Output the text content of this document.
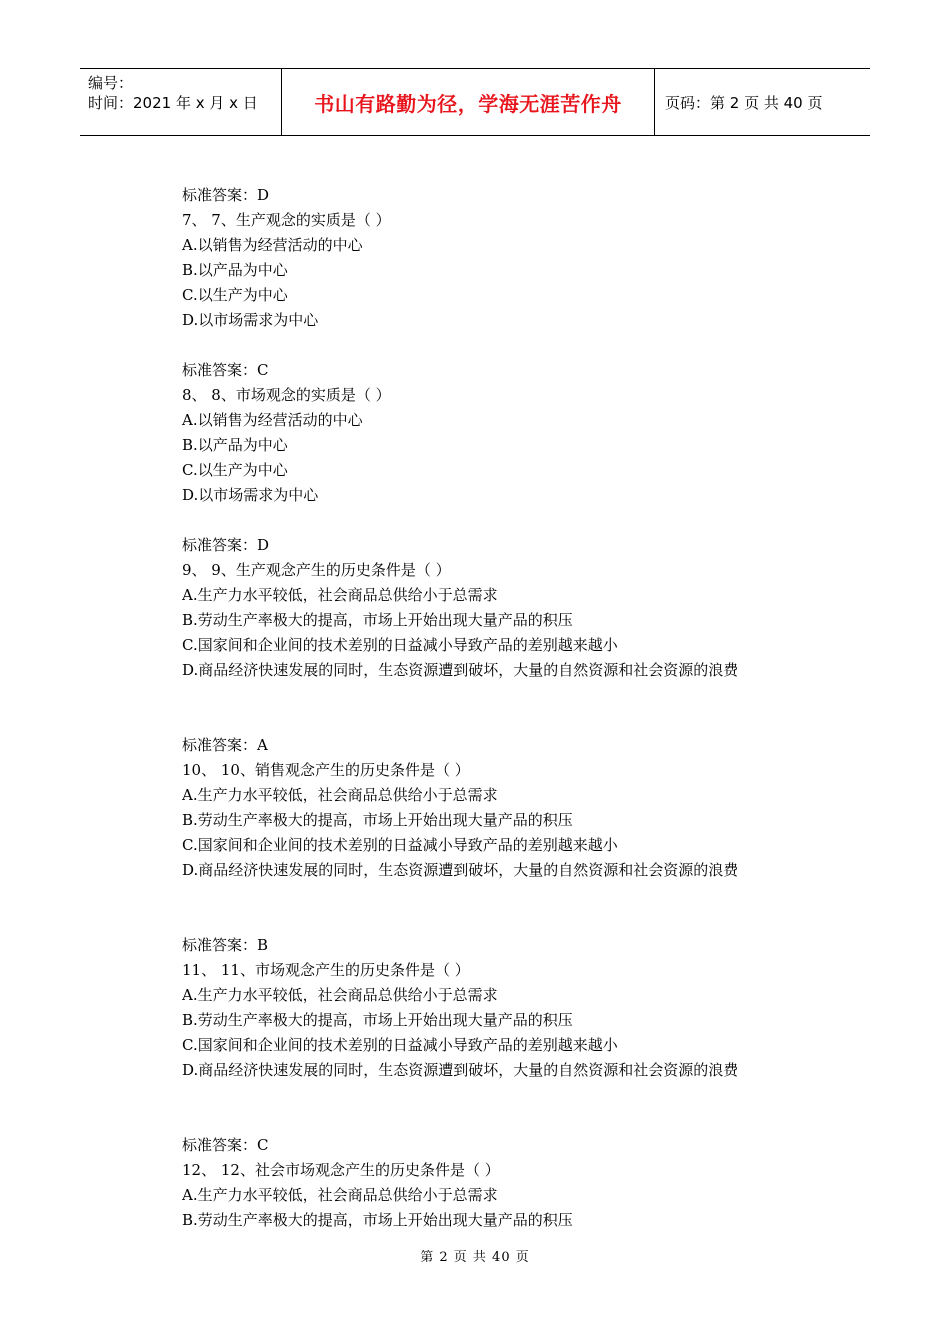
编号：
时间：2021 年 x 月 x 日	书山有路勤为径，学海无涯苦作舟	页码：第 2 页 共 40 页

标准答案：D

7、 7、生产观念的实质是（ ）

A.以销售为经营活动的中心

B.以产品为中心

C.以生产为中心

D.以市场需求为中心

标准答案：C

8、 8、市场观念的实质是（ ）

A.以销售为经营活动的中心

B.以产品为中心

C.以生产为中心

D.以市场需求为中心

标准答案：D

9、 9、生产观念产生的历史条件是（ ）

A.生产力水平较低，社会商品总供给小于总需求

B.劳动生产率极大的提高，市场上开始出现大量产品的积压

C.国家间和企业间的技术差别的日益减小导致产品的差别越来越小

D.商品经济快速发展的同时，生态资源遭到破坏，大量的自然资源和社会资源的浪费

标准答案：A

10、 10、销售观念产生的历史条件是（ ）

A.生产力水平较低，社会商品总供给小于总需求

B.劳动生产率极大的提高，市场上开始出现大量产品的积压

C.国家间和企业间的技术差别的日益减小导致产品的差别越来越小

D.商品经济快速发展的同时，生态资源遭到破坏，大量的自然资源和社会资源的浪费

标准答案：B

11、 11、市场观念产生的历史条件是（ ）

A.生产力水平较低，社会商品总供给小于总需求

B.劳动生产率极大的提高，市场上开始出现大量产品的积压

C.国家间和企业间的技术差别的日益减小导致产品的差别越来越小

D.商品经济快速发展的同时，生态资源遭到破坏，大量的自然资源和社会资源的浪费

标准答案：C

12、 12、社会市场观念产生的历史条件是（ ）

A.生产力水平较低，社会商品总供给小于总需求

B.劳动生产率极大的提高，市场上开始出现大量产品的积压

第 2 页 共 40 页
